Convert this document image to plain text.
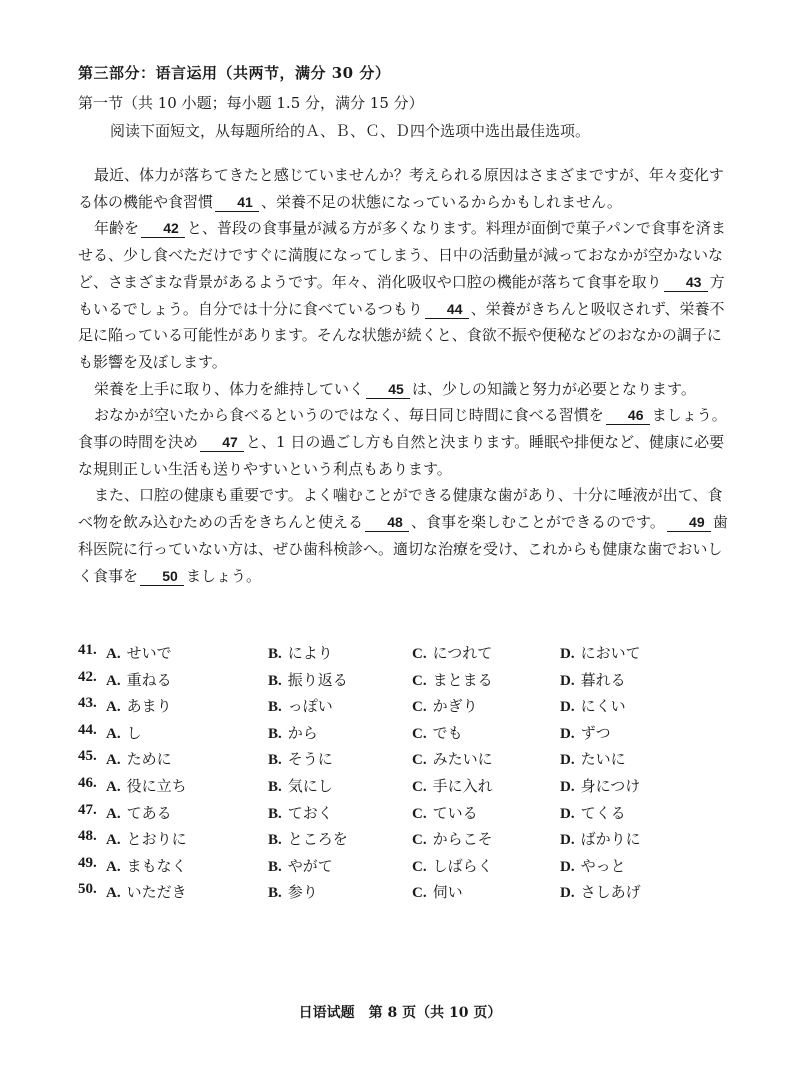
第三部分：语言运用（共两节，满分 30 分）
第一节（共 10 小题；每小题 1.5 分，满分 15 分）
阅读下面短文，从每题所给的Ａ、Ｂ、Ｃ、Ｄ四个选项中选出最佳选项。

最近、体力が落ちてきたと感じていませんか？考えられる原因はさまざまですが、年々変化する体の機能や食習慣 41 、栄養不足の状態になっているからかもしれません。

年齢を 42 と、普段の食事量が減る方が多くなります。料理が面倒で菓子パンで食事を済ませる、少し食べただけですぐに満腹になってしまう、日中の活動量が減っておなかが空かないなど、さまざまな背景があるようです。年々、消化吸収や口腔の機能が落ちて食事を取り 43 方もいるでしょう。自分では十分に食べているつもり 44 、栄養がきちんと吸収されず、栄養不足に陥っている可能性があります。そんな状態が続くと、食欲不振や便秘などのおなかの調子にも影響を及ぼします。

栄養を上手に取り、体力を維持していく 45 は、少しの知識と努力が必要となります。

おなかが空いたから食べるというのではなく、毎日同じ時間に食べる習慣を 46 ましょう。食事の時間を決め 47 と、1 日の過ごし方も自然と決まります。睡眠や排便など、健康に必要な規則正しい生活も送りやすいという利点もあります。

また、口腔の健康も重要です。よく噛むことができる健康な歯があり、十分に唾液が出て、食べ物を飲み込むための舌をきちんと使える 48 、食事を楽しむことができるのです。 49 歯科医院に行っていない方は、ぜひ歯科検診へ。適切な治療を受け、これからも健康な歯でおいしく食事を 50 ましょう。

41. A. せいで	B. により	C. につれて	D. において
42. A. 重ねる	B. 振り返る	C. まとまる	D. 暮れる
43. A. あまり	B. っぽい	C. かぎり	D. にくい
44. A. し	B. から	C. でも	D. ずつ
45. A. ために	B. そうに	C. みたいに	D. たいに
46. A. 役に立ち	B. 気にし	C. 手に入れ	D. 身につけ
47. A. てある	B. ておく	C. ている	D. てくる
48. A. とおりに	B. ところを	C. からこそ	D. ばかりに
49. A. まもなく	B. やがて	C. しばらく	D. やっと
50. A. いただき	B. 参り	C. 伺い	D. さしあげ
日语试题　第 8 页（共 10 页）
